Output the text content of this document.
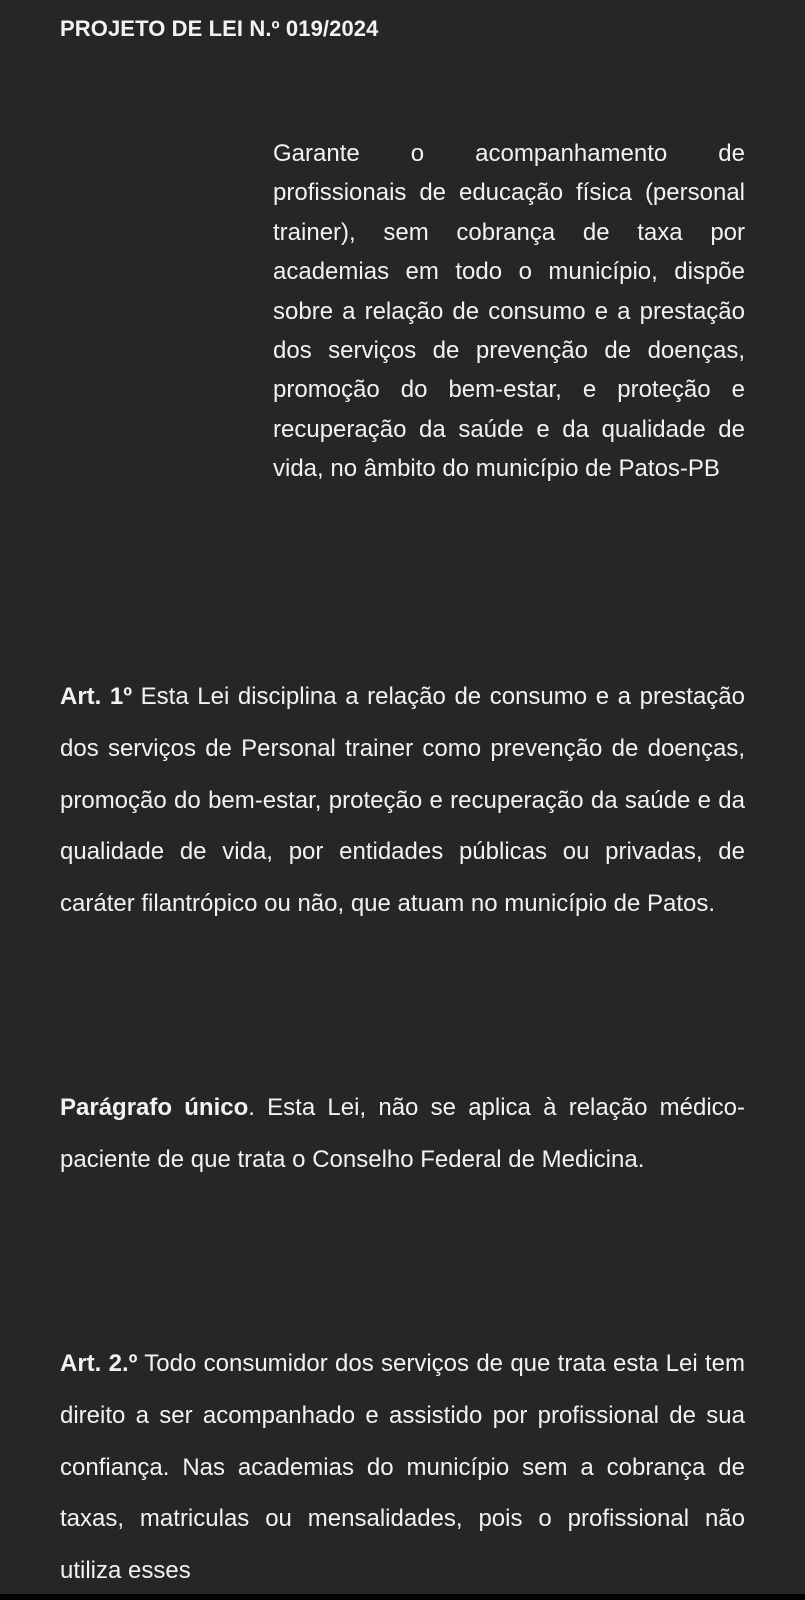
PROJETO DE LEI N.º 019/2024
Garante o acompanhamento de profissionais de educação física (personal trainer), sem cobrança de taxa por academias em todo o município, dispõe sobre a relação de consumo e a prestação dos serviços de prevenção de doenças, promoção do bem-estar, e proteção e recuperação da saúde e da qualidade de vida, no âmbito do município de Patos-PB
Art. 1º Esta Lei disciplina a relação de consumo e a prestação dos serviços de Personal trainer como prevenção de doenças, promoção do bem-estar, proteção e recuperação da saúde e da qualidade de vida, por entidades públicas ou privadas, de caráter filantrópico ou não, que atuam no município de Patos.
Parágrafo único. Esta Lei, não se aplica à relação médico-paciente de que trata o Conselho Federal de Medicina.
Art. 2.º Todo consumidor dos serviços de que trata esta Lei tem direito a ser acompanhado e assistido por profissional de sua confiança. Nas academias do município sem a cobrança de taxas, matriculas ou mensalidades, pois o profissional não utiliza esses
